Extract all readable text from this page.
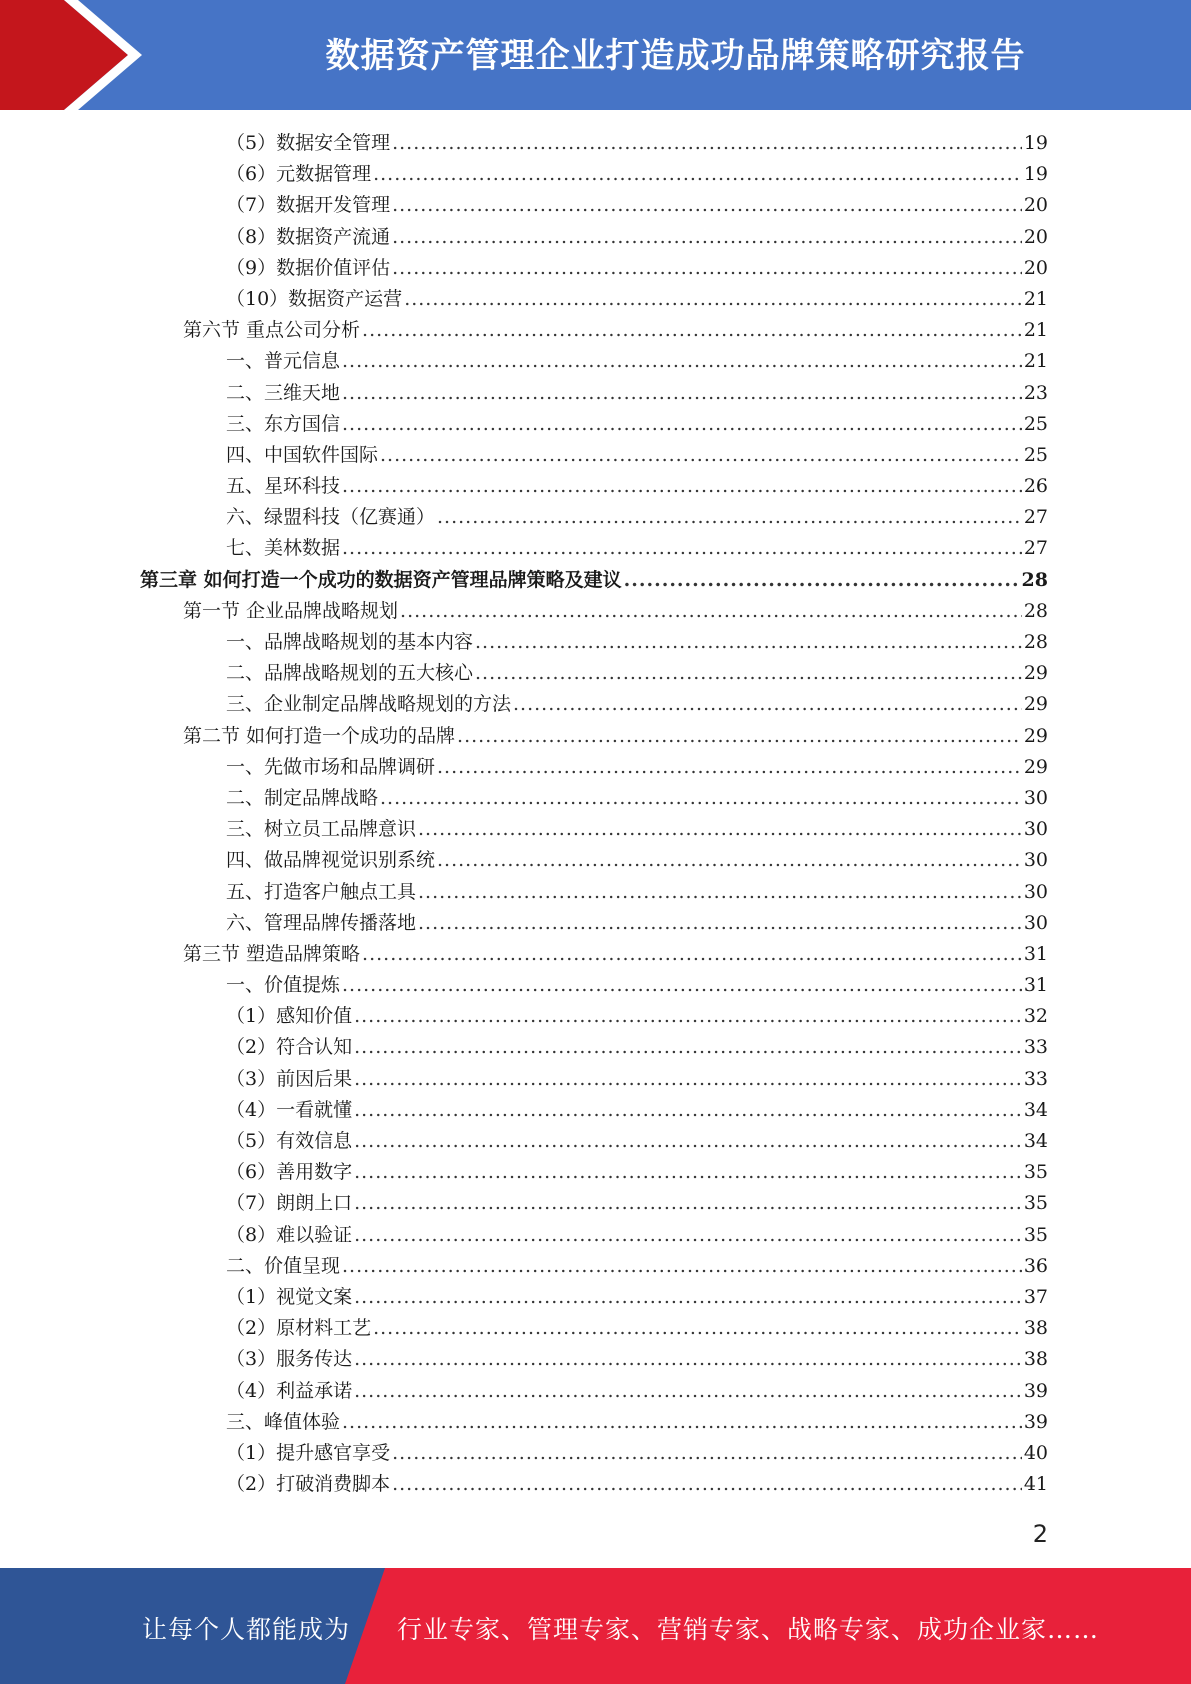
数据资产管理企业打造成功品牌策略研究报告
（5）数据安全管理 .....	19
（6）元数据管理 .....	19
（7）数据开发管理 .....	20
（8）数据资产流通 .....	20
（9）数据价值评估 .....	20
（10）数据资产运营 .....	21
第六节 重点公司分析 .....	21
一、普元信息 .....	21
二、三维天地 .....	23
三、东方国信 .....	25
四、中国软件国际 .....	25
五、星环科技 .....	26
六、绿盟科技（亿赛通） .....	27
七、美林数据 .....	27
第三章 如何打造一个成功的数据资产管理品牌策略及建议 .....	28
第一节 企业品牌战略规划 .....	28
一、品牌战略规划的基本内容 .....	28
二、品牌战略规划的五大核心 .....	29
三、企业制定品牌战略规划的方法 .....	29
第二节 如何打造一个成功的品牌 .....	29
一、先做市场和品牌调研 .....	29
二、制定品牌战略 .....	30
三、树立员工品牌意识 .....	30
四、做品牌视觉识别系统 .....	30
五、打造客户触点工具 .....	30
六、管理品牌传播落地 .....	30
第三节 塑造品牌策略 .....	31
一、价值提炼 .....	31
（1）感知价值 .....	32
（2）符合认知 .....	33
（3）前因后果 .....	33
（4）一看就懂 .....	34
（5）有效信息 .....	34
（6）善用数字 .....	35
（7）朗朗上口 .....	35
（8）难以验证 .....	35
二、价值呈现 .....	36
（1）视觉文案 .....	37
（2）原材料工艺 .....	38
（3）服务传达 .....	38
（4）利益承诺 .....	39
三、峰值体验 .....	39
（1）提升感官享受 .....	40
（2）打破消费脚本 .....	41
2
让每个人都能成为 行业专家、管理专家、营销专家、战略专家、成功企业家……
